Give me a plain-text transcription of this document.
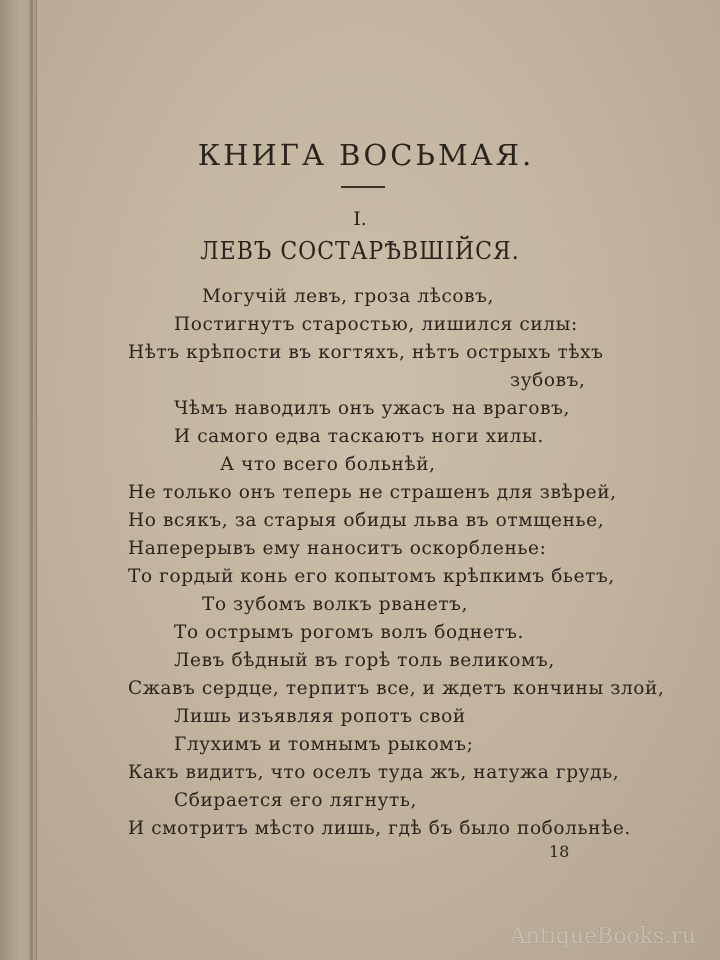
КНИГА ВОСЬМАЯ.
I.
ЛЕВЪ СОСТАРѢВШІЙСЯ.
Могучій левъ, гроза лѣсовъ,
Постигнутъ старостью, лишился силы:
Нѣтъ крѣпости въ когтяхъ, нѣтъ острыхъ тѣхъ
зубовъ,
Чѣмъ наводилъ онъ ужасъ на враговъ,
И самого едва таскаютъ ноги хилы.
А что всего больнѣй,
Не только онъ теперь не страшенъ для звѣрей,
Но всякъ, за старыя обиды льва въ отмщенье,
Наперерывъ ему наноситъ оскорбленье:
То гордый конь его копытомъ крѣпкимъ бьетъ,
То зубомъ волкъ рванетъ,
То острымъ рогомъ волъ боднетъ.
Левъ бѣдный въ горѣ толь великомъ,
Сжавъ сердце, терпитъ все, и ждетъ кончины злой,
Лишь изъявляя ропотъ свой
Глухимъ и томнымъ рыкомъ;
Какъ видитъ, что оселъ туда жъ, натужа грудь,
Сбирается его лягнуть,
И смотритъ мѣсто лишь, гдѣ бъ было побольнѣе.
18
AntiqueBooks.ru
